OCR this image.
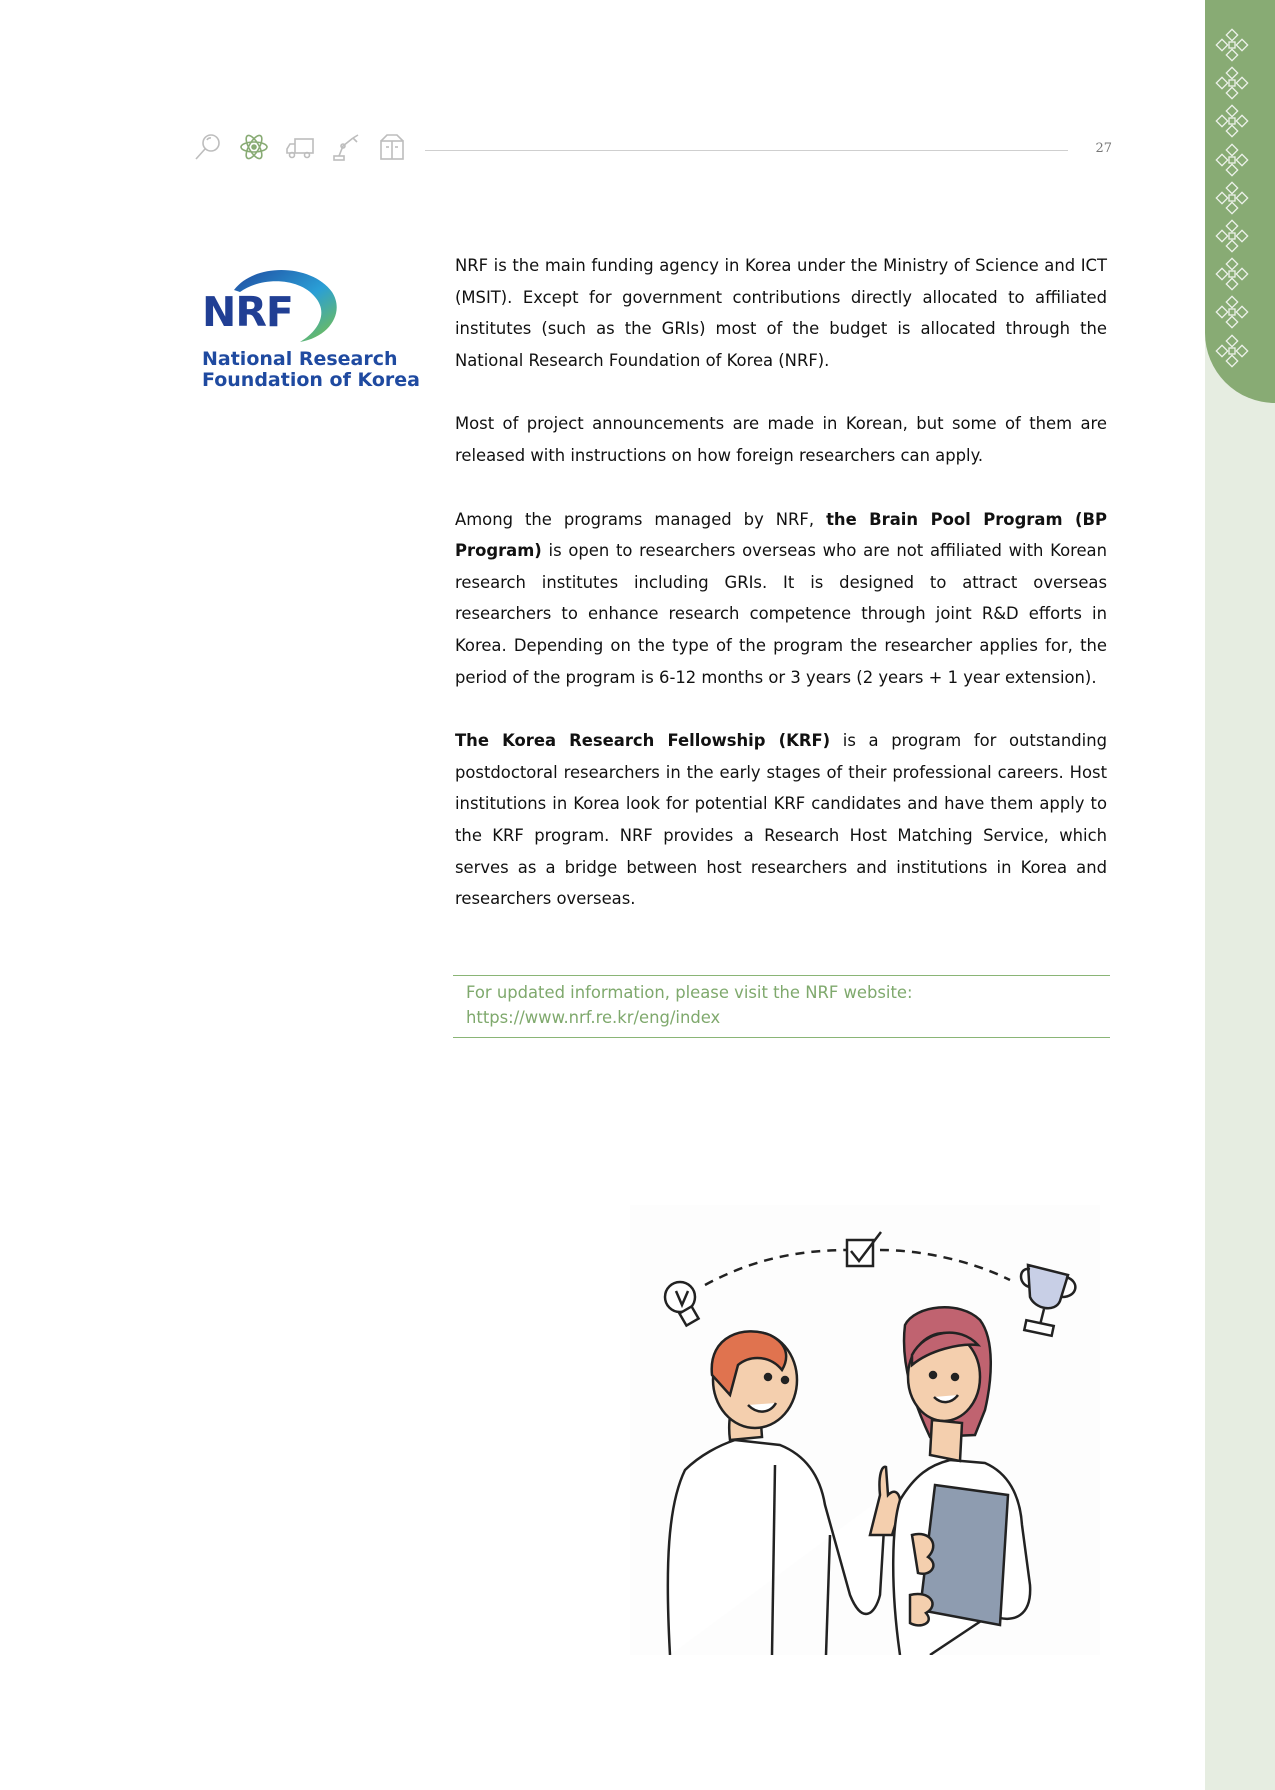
27
NRF
National Research
Foundation of Korea

NRF is the main funding agency in Korea under the Ministry of Science and ICT (MSIT). Except for government contributions directly allocated to affiliated institutes (such as the GRIs) most of the budget is allocated through the National Research Foundation of Korea (NRF).

Most of project announcements are made in Korean, but some of them are released with instructions on how foreign researchers can apply.

Among the programs managed by NRF, the Brain Pool Program (BP Program) is open to researchers overseas who are not affiliated with Korean research institutes including GRIs. It is designed to attract overseas researchers to enhance research competence through joint R&D efforts in Korea. Depending on the type of the program the researcher applies for, the period of the program is 6-12 months or 3 years (2 years + 1 year extension).

The Korea Research Fellowship (KRF) is a program for outstanding postdoctoral researchers in the early stages of their professional careers. Host institutions in Korea look for potential KRF candidates and have them apply to the KRF program. NRF provides a Research Host Matching Service, which serves as a bridge between host researchers and institutions in Korea and researchers overseas.

For updated information, please visit the NRF website:
https://www.nrf.re.kr/eng/index
